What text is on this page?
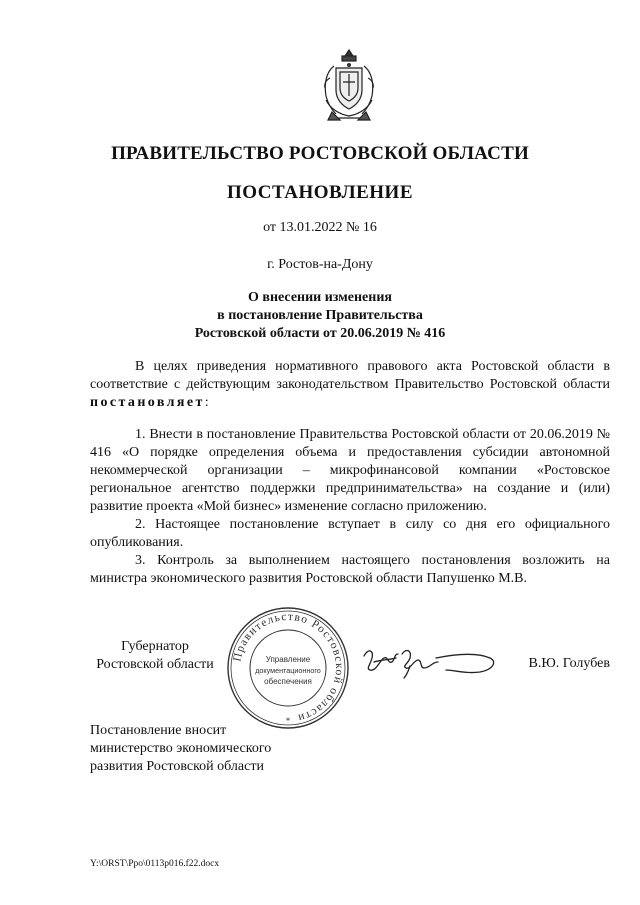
ПРАВИТЕЛЬСТВО РОСТОВСКОЙ ОБЛАСТИ
ПОСТАНОВЛЕНИЕ
от 13.01.2022 № 16
г. Ростов-на-Дону
О внесении изменения
в постановление Правительства
Ростовской области от 20.06.2019 № 416

В целях приведения нормативного правового акта Ростовской области в соответствие с действующим законодательством Правительство Ростовской области постановляет:

1. Внести в постановление Правительства Ростовской области от 20.06.2019 № 416 «О порядке определения объема и предоставления субсидии автономной некоммерческой организации – микрофинансовой компании «Ростовское региональное агентство поддержки предпринимательства» на создание и (или) развитие проекта «Мой бизнес» изменение согласно приложению.

2. Настоящее постановление вступает в силу со дня его официального опубликования.

3. Контроль за выполнением настоящего постановления возложить на министра экономического развития Ростовской области Папушенко М.В.

Губернатор
Ростовской области
Правительство Ростовской области
Управление
документационного
обеспечения
*
В.Ю. Голубев
Постановление вносит
министерство экономического
развития Ростовской области
Y:\ORST\Ppo\0113p016.f22.docx
